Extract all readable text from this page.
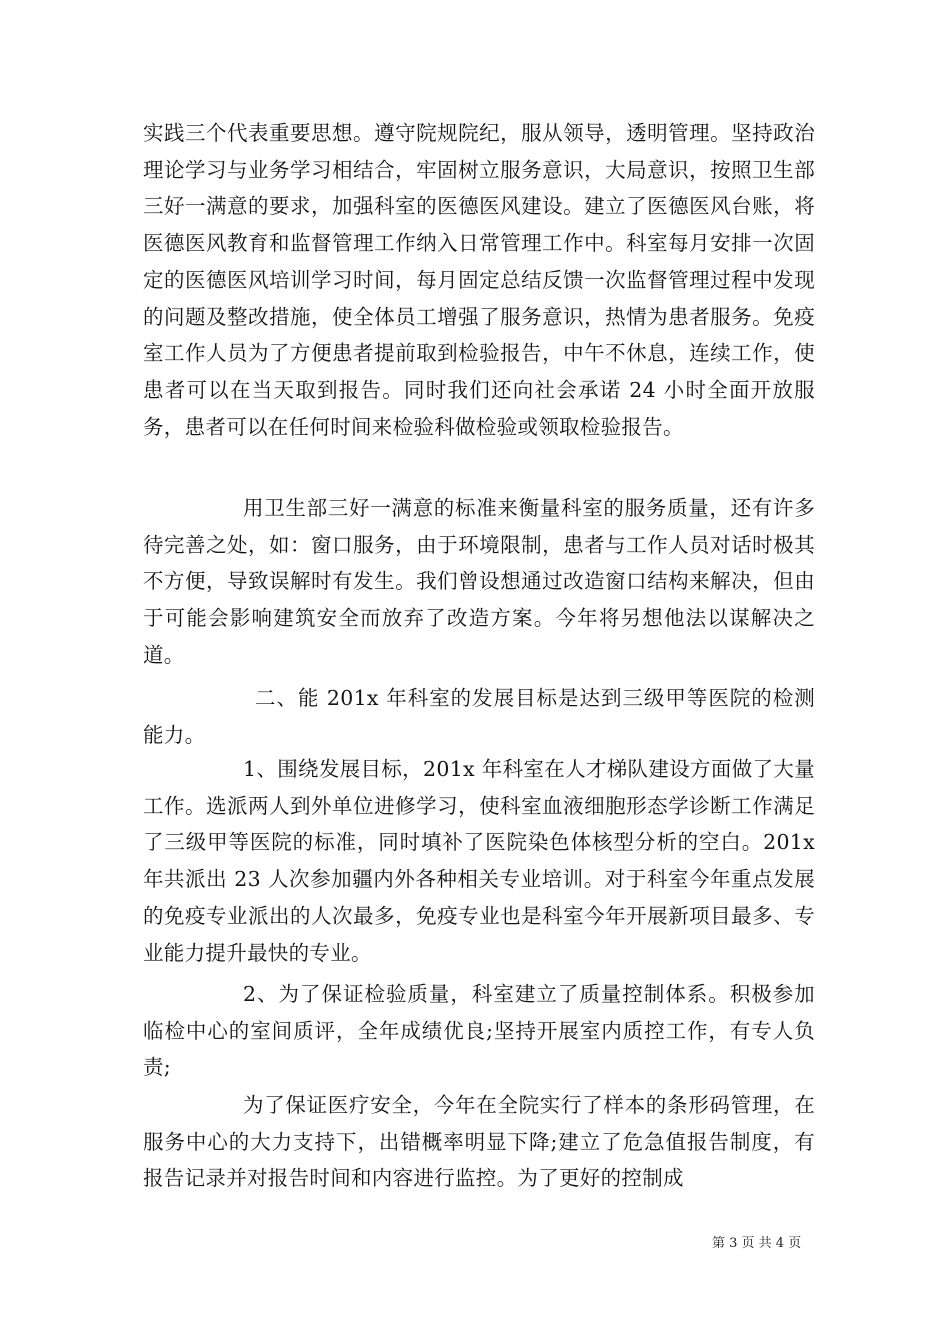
实践三个代表重要思想。遵守院规院纪，服从领导，透明管理。坚持政治理论学习与业务学习相结合，牢固树立服务意识，大局意识，按照卫生部三好一满意的要求，加强科室的医德医风建设。建立了医德医风台账，将医德医风教育和监督管理工作纳入日常管理工作中。科室每月安排一次固定的医德医风培训学习时间，每月固定总结反馈一次监督管理过程中发现的问题及整改措施，使全体员工增强了服务意识，热情为患者服务。免疫室工作人员为了方便患者提前取到检验报告，中午不休息，连续工作，使患者可以在当天取到报告。同时我们还向社会承诺 24 小时全面开放服务，患者可以在任何时间来检验科做检验或领取检验报告。

用卫生部三好一满意的标准来衡量科室的服务质量，还有许多待完善之处，如：窗口服务，由于环境限制，患者与工作人员对话时极其不方便，导致误解时有发生。我们曾设想通过改造窗口结构来解决，但由于可能会影响建筑安全而放弃了改造方案。今年将另想他法以谋解决之道。

二、能 201x 年科室的发展目标是达到三级甲等医院的检测能力。

1、围绕发展目标，201x 年科室在人才梯队建设方面做了大量工作。选派两人到外单位进修学习，使科室血液细胞形态学诊断工作满足了三级甲等医院的标准，同时填补了医院染色体核型分析的空白。201x 年共派出 23 人次参加疆内外各种相关专业培训。对于科室今年重点发展的免疫专业派出的人次最多，免疫专业也是科室今年开展新项目最多、专业能力提升最快的专业。

2、为了保证检验质量，科室建立了质量控制体系。积极参加临检中心的室间质评，全年成绩优良;坚持开展室内质控工作，有专人负责;

为了保证医疗安全，今年在全院实行了样本的条形码管理，在服务中心的大力支持下，出错概率明显下降;建立了危急值报告制度，有报告记录并对报告时间和内容进行监控。为了更好的控制成

第 3 页 共 4 页
